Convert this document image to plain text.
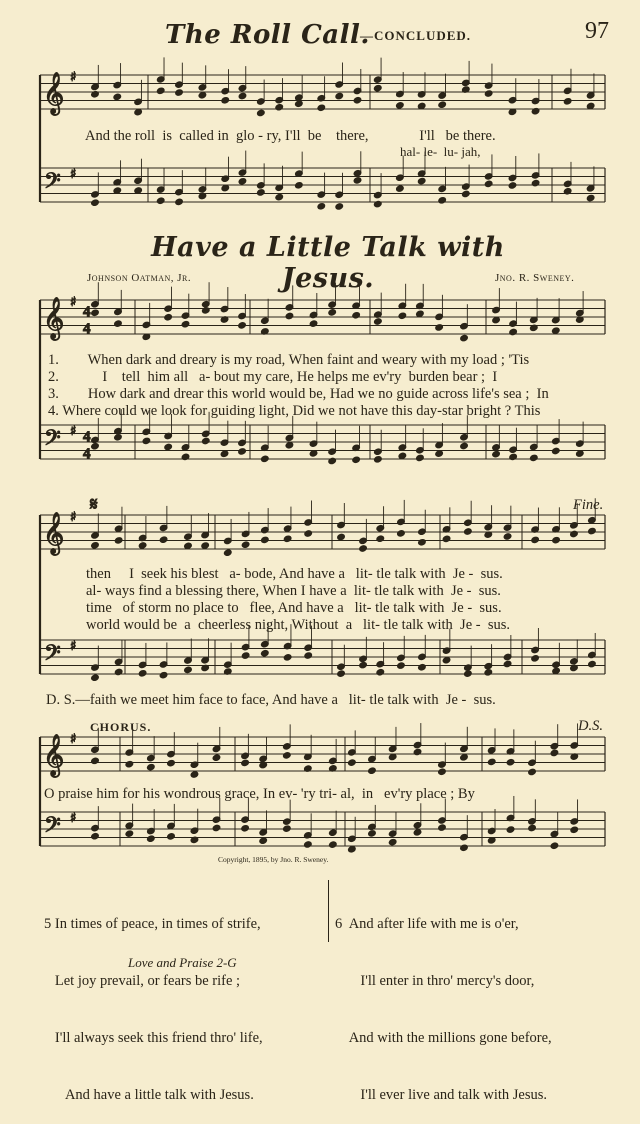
The Roll Call.
—CONCLUDED.	97
𝄞
𝄢
♯
♯
𝄞
𝄢
♯
♯
𝄞
𝄢
♯
♯
𝄞
𝄢
♯
♯
4
4
4
4
𝄋
And the roll  is  called in  glo - ry, I'll  be    there,              I'll   be there.
hal- le-  lu- jah,
Have a Little Talk with Jesus.
Johnson Oatman, Jr.	Jno. R. Sweney.
1.        When dark and dreary is my road, When faint and weary with my load ; 'Tis
2.            I    tell  him all   a- bout my care, He helps me ev'ry  burden bear ;  I
3.        How dark and drear this world would be, Had we no guide across life's sea ;  In
4. Where could we look for guiding light, Did we not have this day-star bright ? This
Fine.
then     I  seek his blest   a- bode, And have a   lit- tle talk with  Je -  sus.
al- ways find a blessing there, When I have a  lit- tle talk with  Je -  sus.
time   of storm no place to   flee, And have a   lit- tle talk with  Je -  sus.
world would be  a  cheerless night, Without  a   lit- tle talk with  Je -  sus.
D. S.—faith we meet him face to face, And have a   lit- tle talk with  Je -  sus.
CHORUS.	D.S.
O praise him for his wondrous grace, In ev- 'ry tri- al,  in   ev'ry place ; By
Copyright, 1895, by Jno. R. Sweney.

5 In times of peace, in times of strife,

Let joy prevail, or fears be rife ;

I'll always seek this friend thro' life,

And have a little talk with Jesus.

6  And after life with me is o'er,

I'll enter in thro' mercy's door,

And with the millions gone before,

I'll ever live and talk with Jesus.

Love and Praise 2-G
